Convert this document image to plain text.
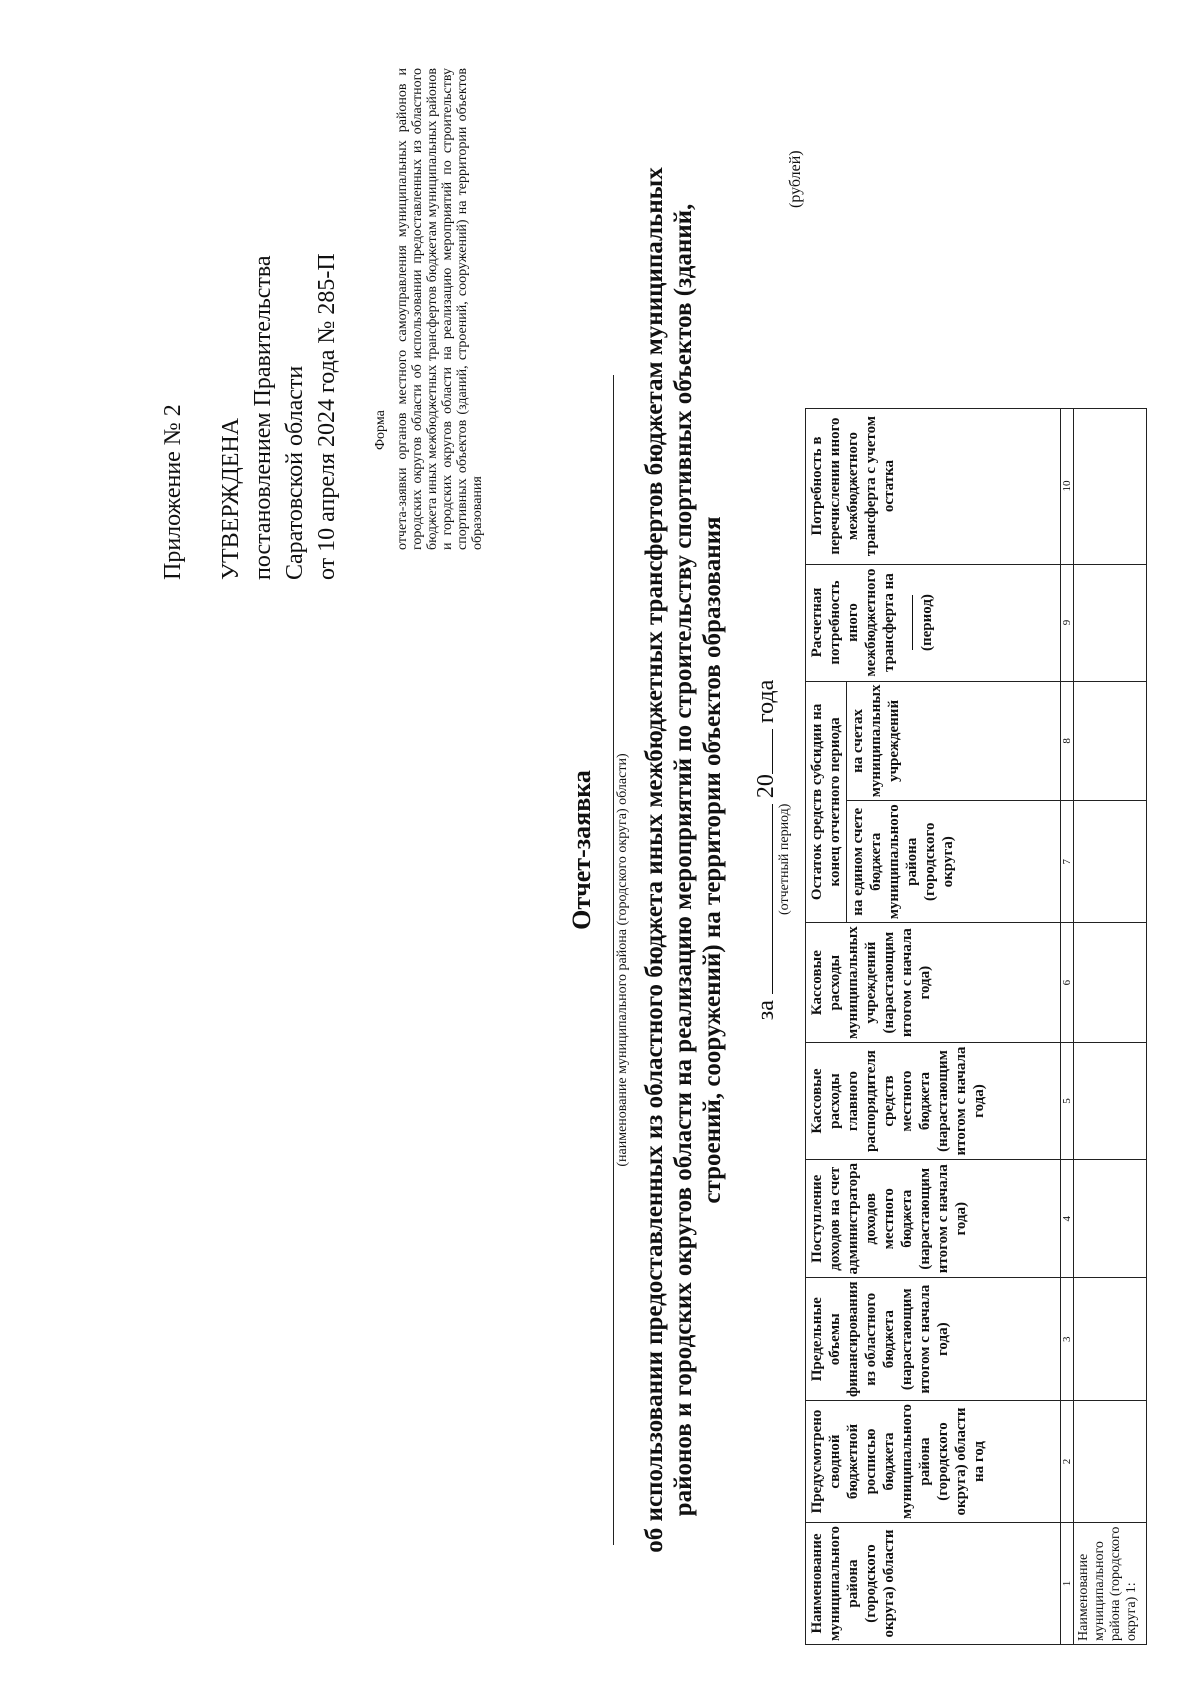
Приложение № 2 УТВЕРЖДЕНА постановлением Правительства Саратовской области от 10 апреля 2024 года № 285-П Форма отчета-заявки органов местного самоуправления муниципальных районов и городских округов области об использовании предоставленных из областного бюджета иных межбюджетных трансфертов бюджетам муниципальных районов и городских округов области на реализацию мероприятий по строительству спортивных объектов (зданий, строений, сооружений) на территории объектов образования
Отчет-заявка (наименование муниципального района (городского округа) области) об использовании предоставленных из областного бюджета иных межбюджетных трансфертов бюджетам муниципальных районов и городских округов области на реализацию мероприятий по строительству спортивных объектов (зданий, строений, сооружений) на территории объектов образования за  20 года
(отчетный период)
(рублей)
Наименование муниципального района (городского округа) области	Предусмотрено сводной бюджетной росписью бюджета муниципального района (городского округа) области на год	Предельные объемы финансирования из областного бюджета (нарастающим итогом с начала года)	Поступление доходов на счет администратора доходов местного бюджета (нарастающим итогом с начала года)	Кассовые расходы главного распорядителя средств местного бюджета (нарастающим итогом с начала года)	Кассовые расходы муниципальных учреждений (нарастающим итогом с начала года)	Остаток средств субсидии на конец отчетного периода		Расчетная потребность иного межбюджетного трансферта на (период)	Потребность в перечислении иного межбюджетного трансферта с учетом остатка
						на едином счете бюджета муниципального района (городского округа)	на счетах муниципальных учреждений		
1	2	3	4	5	6	7	8	9	10
Наименование муниципального района (городского округа) 1:									
